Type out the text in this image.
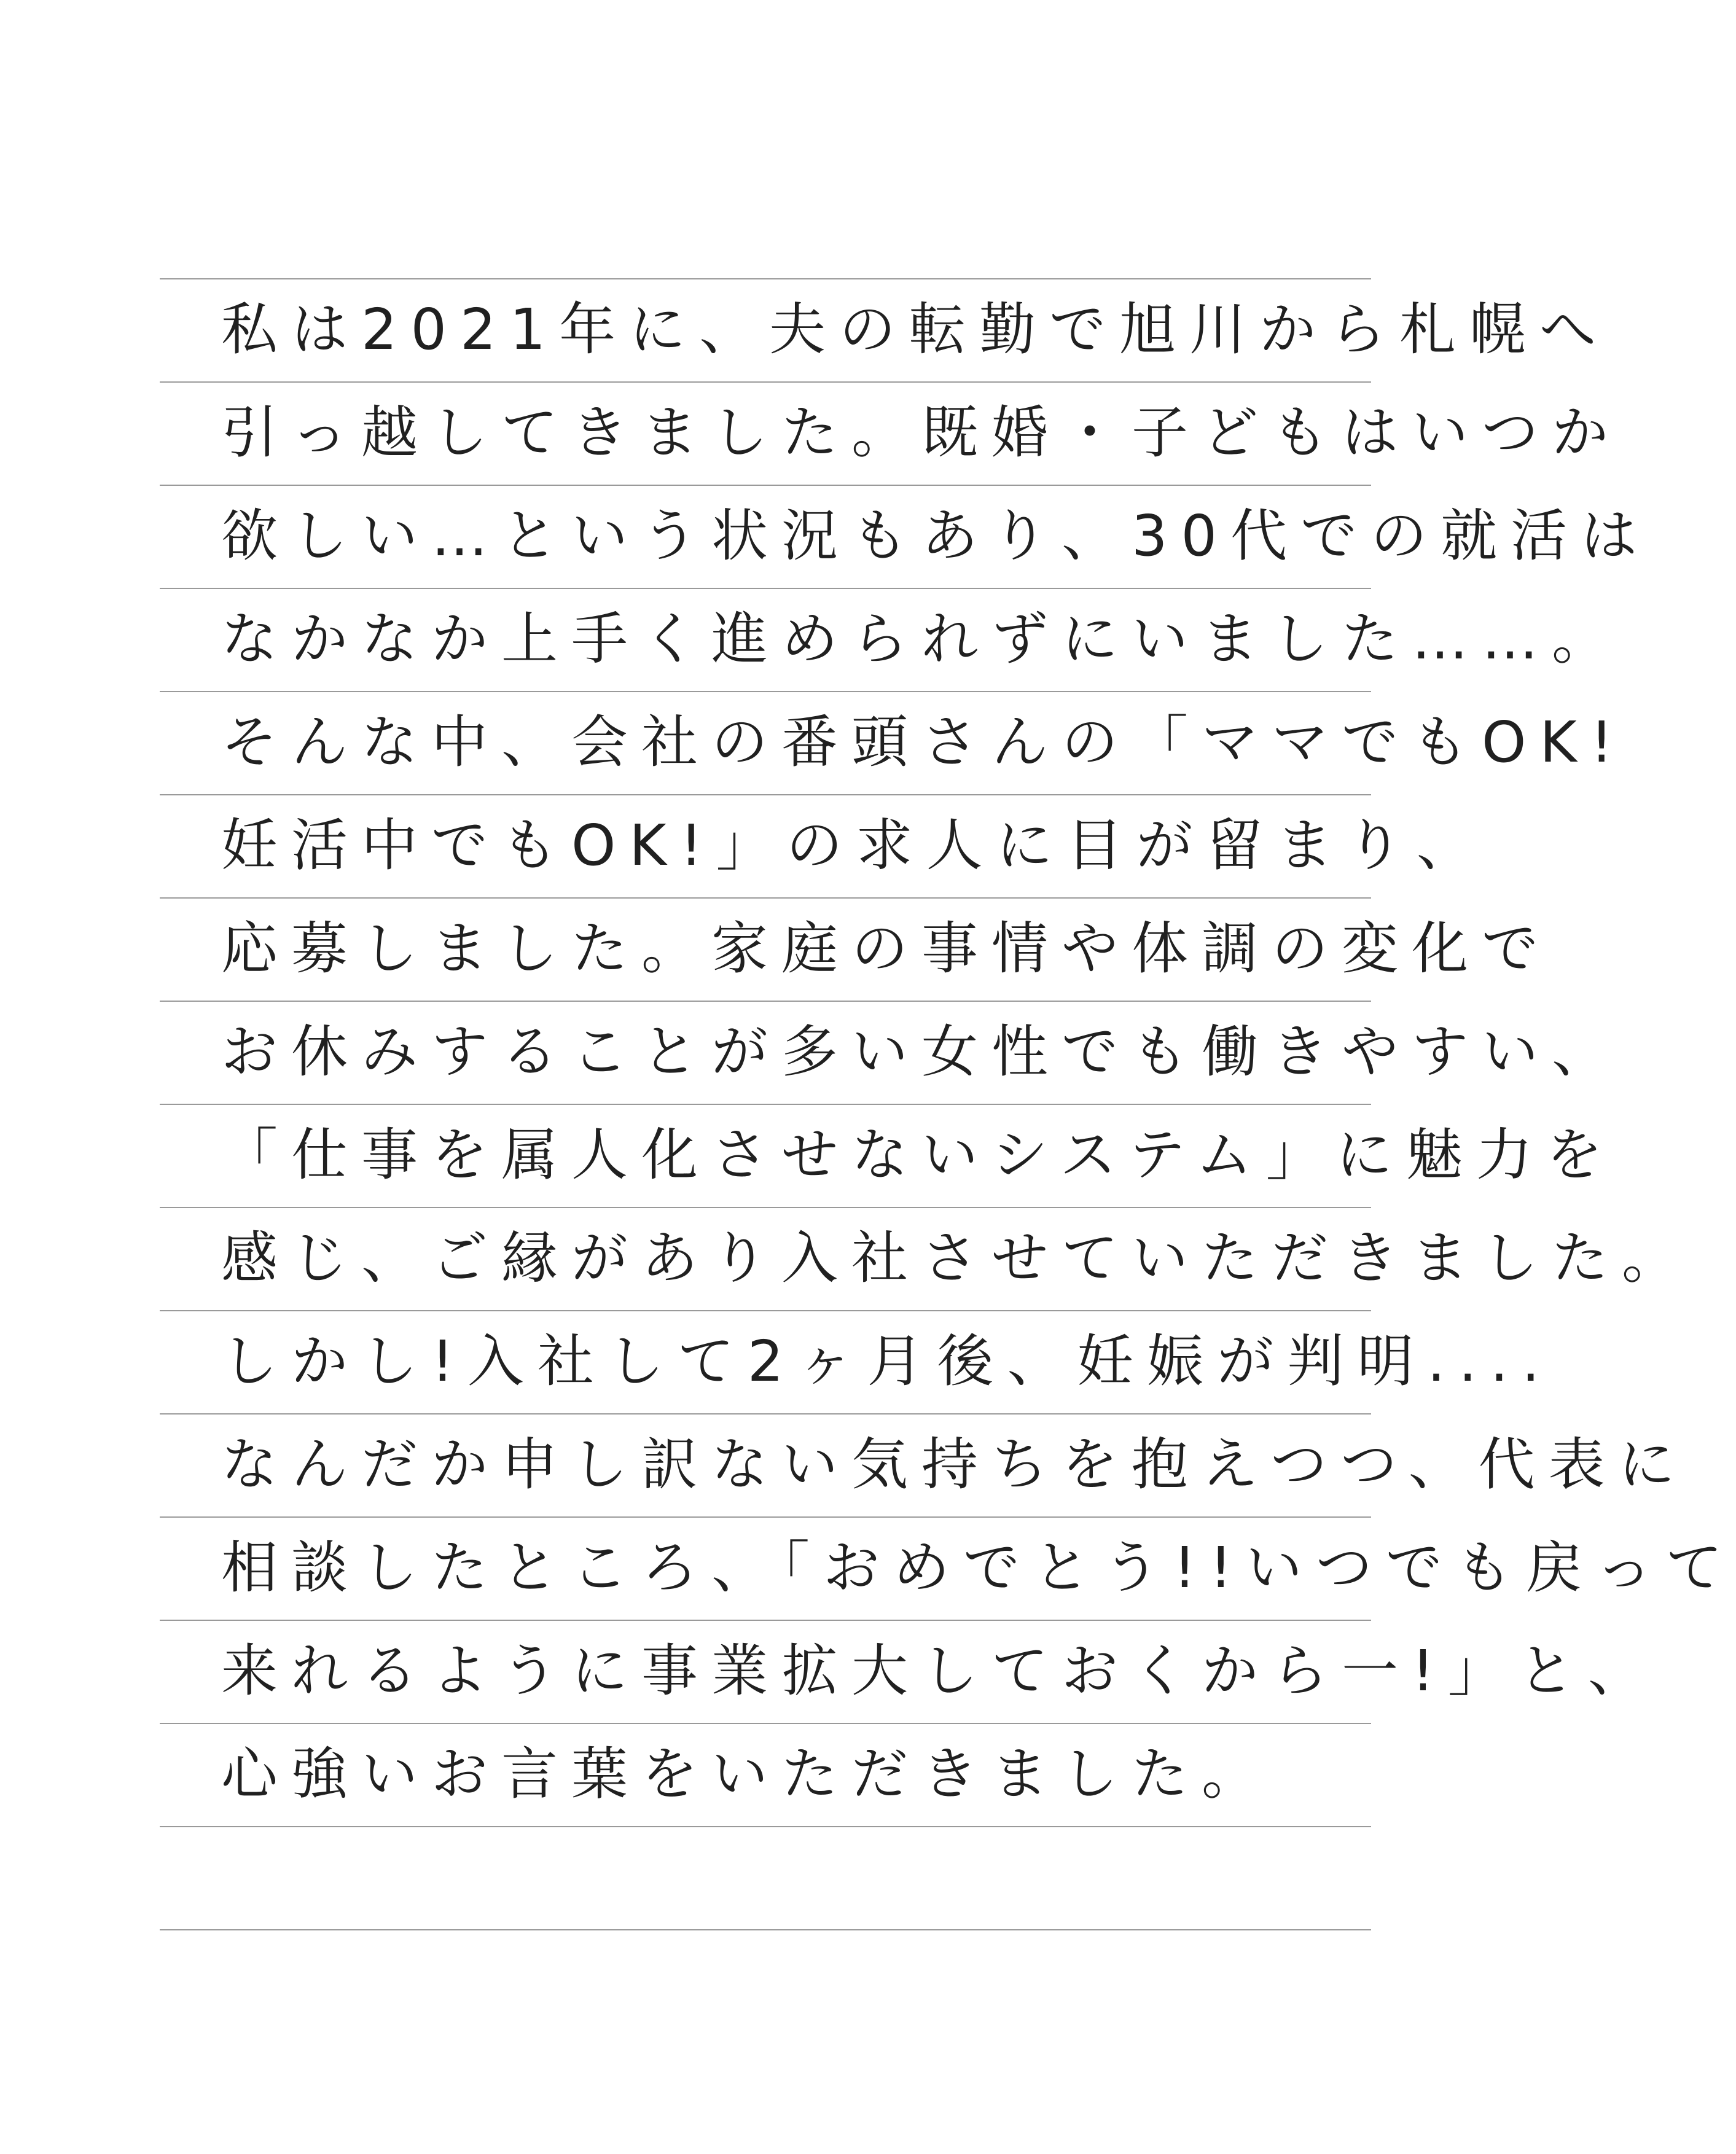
私は2021年に、夫の転勤で旭川から札幌へ
引っ越してきました。既婚・子どもはいつか
欲しい…という状況もあり、30代での就活は
なかなか上手く進められずにいました……。
そんな中、会社の番頭さんの「ママでもOK!
妊活中でもOK!」の求人に目が留まり、
応募しました。家庭の事情や体調の変化で
お休みすることが多い女性でも働きやすい、
「仕事を属人化させないシステム」に魅力を
感じ、ご縁があり入社させていただきました。
しかし!入社して2ヶ月後、妊娠が判明....
なんだか申し訳ない気持ちを抱えつつ、代表に
相談したところ、「おめでとう!!いつでも戻って
来れるように事業拡大しておくから一!」と、
心強いお言葉をいただきました。
